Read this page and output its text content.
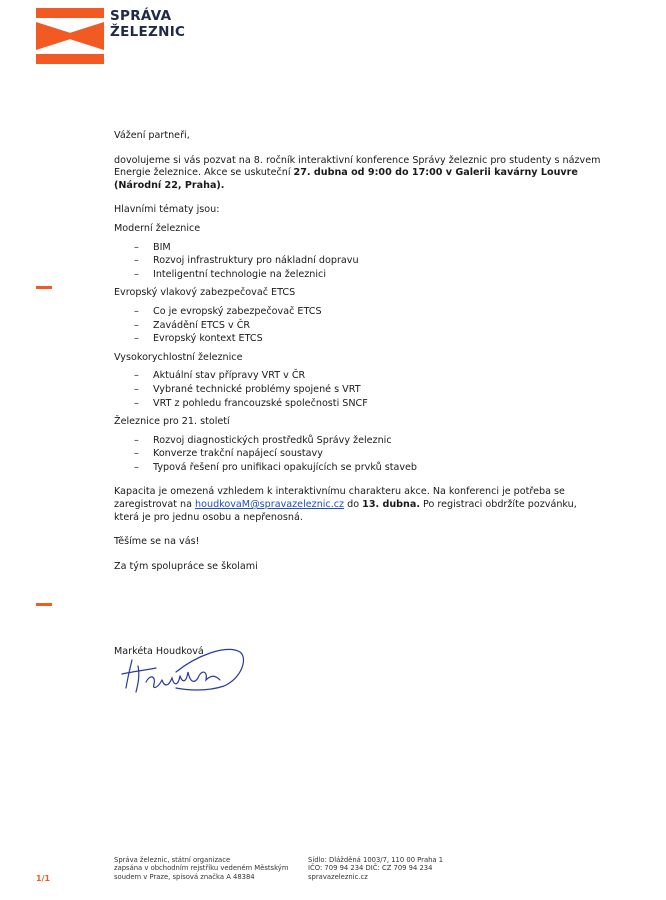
SPRÁVA
ŽELEZNIC

Vážení partneři,

dovolujeme si vás pozvat na 8. ročník interaktivní konference Správy železnic pro studenty s názvem Energie železnice. Akce se uskuteční 27. dubna od 9:00 do 17:00 v Galerii kavárny Louvre (Národní 22, Praha).

Hlavními tématy jsou:

Moderní železnice
– BIM
– Rozvoj infrastruktury pro nákladní dopravu
– Inteligentní technologie na železnici
Evropský vlakový zabezpečovač ETCS
– Co je evropský zabezpečovač ETCS
– Zavádění ETCS v ČR
– Evropský kontext ETCS
Vysokorychlostní železnice
– Aktuální stav přípravy VRT v ČR
– Vybrané technické problémy spojené s VRT
– VRT z pohledu francouzské společnosti SNCF
Železnice pro 21. století
– Rozvoj diagnostických prostředků Správy železnic
– Konverze trakční napájecí soustavy
– Typová řešení pro unifikaci opakujících se prvků staveb

Kapacita je omezená vzhledem k interaktivnímu charakteru akce. Na konferenci je potřeba se zaregistrovat na houdkovaM@spravazeleznic.cz do 13. dubna. Po registraci obdržíte pozvánku, která je pro jednu osobu a nepřenosná.

Těšíme se na vás!

Za tým spolupráce se školami

Markéta Houdková
1/1
Správa železnic, státní organizace
zapsána v obchodním rejstříku vedeném Městským
soudem v Praze, spisová značka A 48384
Sídlo: Dlážděná 1003/7, 110 00 Praha 1
IČO: 709 94 234 DIČ: CZ 709 94 234
spravazeleznic.cz
